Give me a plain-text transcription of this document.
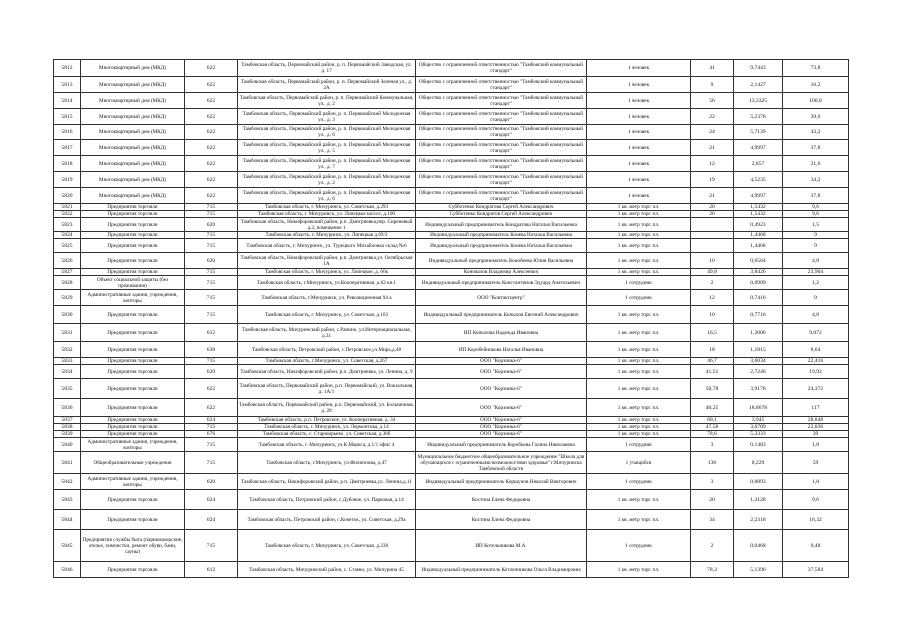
5812	Многоквартирный дом (МКД)	622	Тамбовская область, Первомайский район, р. п. Первомайский Заводская, ул. д. 17	Общество с ограниченной ответственностью "Тамбовский коммунальный стандарт"	1 человек	41	9,7443	73,8
5813	Многоквартирный дом (МКД)	622	Тамбовская область, Первомайский район, р. п. Первомайский Зеленая ул., д. 2А	Общество с ограниченной ответственностью "Тамбовский коммунальный стандарт"	1 человек	9	2,1427	16,2
5814	Многоквартирный дом (МКД)	622	Тамбовская область, Первомайский район, р. п. Первомайский Коммунальная, ул., д. 2	Общество с ограниченной ответственностью "Тамбовский коммунальный стандарт"	1 человек	56	13,3325	100,8
5815	Многоквартирный дом (МКД)	622	Тамбовская область, Первомайский район, р. п. Первомайский Молодежная ул., д. 3	Общество с ограниченной ответственностью "Тамбовский коммунальный стандарт"	1 человек	22	5,2378	39,6
5816	Многоквартирный дом (МКД)	622	Тамбовская область, Первомайский район, р. п. Первомайский Молодежная ул., д. 6	Общество с ограниченной ответственностью "Тамбовский коммунальный стандарт"	1 человек	24	5,7139	43,2
5817	Многоквартирный дом (МКД)	622	Тамбовская область, Первомайский район, р. п. Первомайский Молодежная ул., д. 5	Общество с ограниченной ответственностью "Тамбовский коммунальный стандарт"	1 человек	21	4,9997	37,8
5818	Многоквартирный дом (МКД)	622	Тамбовская область, Первомайский район, р. п. Первомайский Молодежная ул., д. 7	Общество с ограниченной ответственностью "Тамбовский коммунальный стандарт"	1 человек	12	2,857	21,6
5819	Многоквартирный дом (МКД)	622	Тамбовская область, Первомайский район, р. п. Первомайский Молодежная ул., д. 2	Общество с ограниченной ответственностью "Тамбовский коммунальный стандарт"	1 человек	19	4,5235	34,2
5820	Многоквартирный дом (МКД)	622	Тамбовская область, Первомайский район, р. п. Первомайский Молодежная ул., д. 6	Общество с ограниченной ответственностью "Тамбовский коммунальный стандарт"	1 человек	21	4,9997	37,8
5821	Предприятия торговли	715	Тамбовская область, г. Мичуринск, ул. Советская, д.293	Субботенко Кондратова Сергей Александрович	1 кв. метр торг. пл.	20	1,5432	9,6
5822	Предприятия торговли	715	Тамбовская область, г. Мичуринск, ул. Липецкое шоссе, д.100	Субботенко Кондратов Сергей Александрович	1 кв. метр торг. пл.	20	1,5432	9,6
5823	Предприятия торговли	620	Тамбовская область, Никифоровский район, р.п. Дмитриевка,пер. Сиреневый д.2, помещение 1	Индивидуальный предприниматель Кондратова Наталья Васильевна	1 кв. метр торг. пл.		0,4923	1,5
5824	Предприятия торговли	715	Тамбовская область, г. Мичуринск, ул. Липецкая д.69/2	Индивидуальный предприниматель Конева Наталья Васильевна	1 кв. метр торг. пл.		1,4468	9
5825	Предприятия торговли	715	Тамбовская область, г. Мичуринск, ул. Турецкого Михайловка склад №6	Индивидуальный предприниматель Конева Наталья Васильевна	1 кв. метр торг. пл.		1,4468	9
5826	Предприятия торговли	620	Тамбовская область, Никифоровский район, р.п. Дмитриевка,ул. Октябрьская 1А	Индивидуальный предприниматель Конобеева Юлия Васильевна	1 кв. метр торг. пл.	10	0,6564	4,8
5827	Предприятия торговли	715	Тамбовская область, г. Мичуринск, ул. Липецкое, д. 66к	Коновалов Владимир Алексеевич	1 кв. метр торг. пл.	49,8	3,8426	23,904
5828	Объект социальной защиты (без проживания)	715	Тамбовская область, г.Мичуринск, ул.Кооперативная, д.62 кв.1	Индивидуальный предприниматель Константинов Эдуард Анатольевич	1 сотрудник	2	0,0989	1,2
5829	Административные здания, учреждения, конторы	715	Тамбовская область, г.Мичуринск, ул. Революционная 94 а	ООО "Контактцентр"	1 сотрудник	12	0,7416	9
5830	Предприятия торговли	715	Тамбовская область, г. Мичуринск, ул. Советская, д.103	Индивидуальный предприниматель Копылов Евгений Александрович	1 кв. метр торг. пл.	10	0,7716	4,8
5831	Предприятия торговли	612	Тамбовская область, Мичуринский район, с.Ранино, ул.Интернациональная, д.31	ИП Копылова Надежда Ивановна	1 кв. метр торг. пл.	16,5	1,2006	9,072
5832	Предприятия торговли	630	Тамбовская область, Петровский район, с.Петровское,ул.Мира,д.48	ИП Коробейникова Наталья Ивановна	1 кв. метр торг. пл.	18	1,1815	8,64
5833	Предприятия торговли	715	Тамбовская область, г.Мичуринск, ул. Советская, д.267	ООО "Корзинка-6"	1 кв. метр торг. пл.	46,7	3,6034	22,416
5834	Предприятия торговли	620	Тамбовская область, Никифоровский район, р.п. Дмитриевка, ул. Ленина, д. 9	ООО "Корзинка-6"	1 кв. метр торг. пл.	41,51	2,7246	19,92
5835	Предприятия торговли	622	Тамбовская область, Первомайский район, р.п. Первомайский, ул. Вокзальная, д. 1А/1	ООО "Корзинка-6"	1 кв. метр торг. пл.	50,78	3,9178	24,372
5836	Предприятия торговли	622	Тамбовская область, Первомайский район, р.п. Первомайский, ул. Больничная, д. 28	ООО "Корзинка-6"	1 кв. метр торг. пл.	40,25	18,8678	117
5837	Предприятия торговли	624	Тамбовская область, р.п. Петровское, ул. Кооперативная, д. 34	ООО "Корзинка-6"	1 кв. метр торг. пл.	60,1	3,945	28,848
5838	Предприятия торговли	715	Тамбовская область, г. Мичуринск, ул. Лермонтова, д.14	ООО "Корзинка-6"	1 кв. метр торг. пл.	47,58	3,6709	22,836
5839	Предприятия торговли	676	Тамбовская область, с. Староюрьево, ул. Советская, д.38б	ООО "Корзинка-6"	1 кв. метр торг. пл.	78,6	5,3333	39
5840	Административные здания, учреждения, конторы	715	Тамбовская область, г. Мичуринск, ул.К.Маркса, д.1/1 офис 4	Индивидуальный предприниматель Коробкова Галина Николаевна	1 сотрудник	3	0,1483	1,8
5841	Общеобразовательные учреждения	715	Тамбовская область, г.Мичуринск, ул.Филиппова, д.47	Муниципальное бюджетное общеобразовательное учреждение "Школа для обучающихся с ограниченными возможностями здоровья" г.Мичуринска Тамбовской области	1 учащийся	136	8,229	59
5842	Административные здания, учреждения, конторы	620	Тамбовская область, Никифоровский район, р.п. Дмитриевка,ул. Ленина,д.11	Индивидуальный предприниматель Коршунов Николай Викторович	1 сотрудник	3	0,0893	1,8
5843	Предприятия торговли	624	Тамбовская область, Петровский район, с.Дубовое, ул. Парковая, д.14	Костина Елена Федоровна	1 кв. метр торг. пл.	20	1,3128	9,6
5844	Предприятия торговли	624	Тамбовская область, Петровский район, с.Кочеток, ул. Советская, д.29а	Костина Елена Федоровна	1 кв. метр торг. пл.	34	2,2318	16,32
5845	Предприятия службы быта (парикмахерские, ателье, химчистки, ремонт обуви, бани, сауны)	715	Тамбовская область, г. Мичуринск, ул. Советская, д.238	ИП Котельникова М.А.	1 сотрудник	2	0,0468	0,48
5846	Предприятия торговли	612	Тамбовская область, Мичуринский район, с. Стаево, ул. Мичурина 45	Индивидуальный предприниматель Котлопникова Ольга Владимировна	1 кв. метр торг. пл.	78,3	5,1396	37,584
